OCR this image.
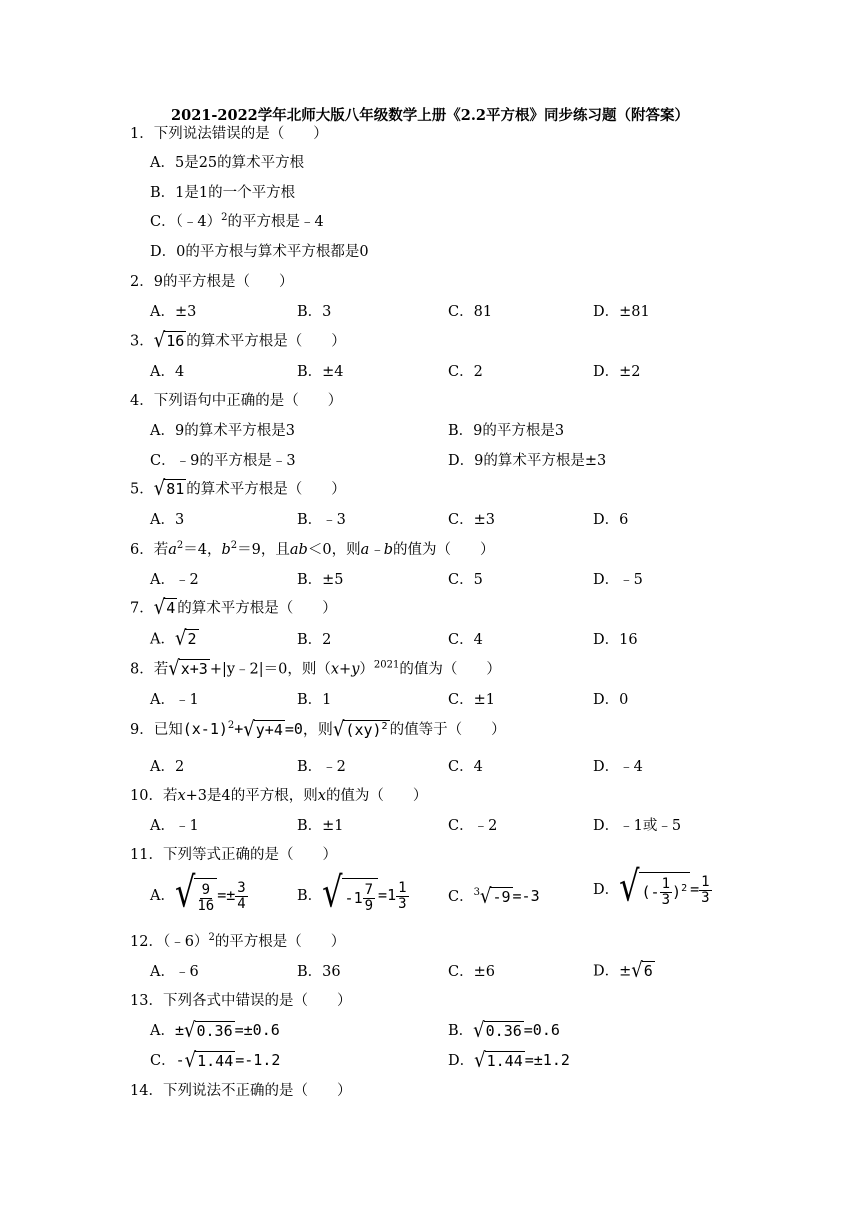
2021-2022学年北师大版八年级数学上册《2.2平方根》同步练习题（附答案）
1．下列说法错误的是（　　）
A．5是25的算术平方根
B．1是1的一个平方根
C．（﹣4）$^2$的平方根是﹣4
D．0的平方根与算术平方根都是0
2．9的平方根是（　　）
A．±3	B．3	C．81	D．±81
3．√16 的算术平方根是（　　）
A．4	B．±4	C．2	D．±2
4．下列语句中正确的是（　　）
A．9的算术平方根是3	B．9的平方根是3
C．﹣9的平方根是﹣3	D．9的算术平方根是±3
5．√81 的算术平方根是（　　）
A．3	B．﹣3	C．±3	D．6
6．若$a^2=4$，$b^2=9$，且ab＜0，则a﹣b的值为（　　）
A．﹣2	B．±5	C．5	D．﹣5
7．√4 的算术平方根是（　　）
A．√2	B．2	C．4	D．16
8．若√x+3 +|y﹣2|＝0，则$(x+y)^{2021}$的值为（　　）
A．﹣1	B．1	C．±1	D．0
9．已知$(x-1)^2+√y+4 =0$，则√(xy)$^2$ 的值等于（　　）
A．2	B．﹣2	C．4	D．﹣4
10．若x+3是4的平方根，则x的值为（　　）
A．﹣1	B．±1	C．﹣2	D．﹣1或﹣5
11．下列等式正确的是（　　）
A．√ $\frac{9}{16} =\pm \frac{3}{4}$	B．√ $-1 \frac{7}{9} =1 \frac{1}{3}$	C．$^3$√-9 =-3	D．√ (- $\frac{1}{3} )^2 = \frac{1}{3}$
12．（﹣6）$^2$的平方根是（　　）
A．﹣6	B．36	C．±6	D．±√6
13．下列各式中错误的是（　　）
A．±√0.36 =±0.6	B．√0.36 =0.6
C．-√1.44 =-1.2	D．√1.44 =±1.2
14．下列说法不正确的是（　　）
